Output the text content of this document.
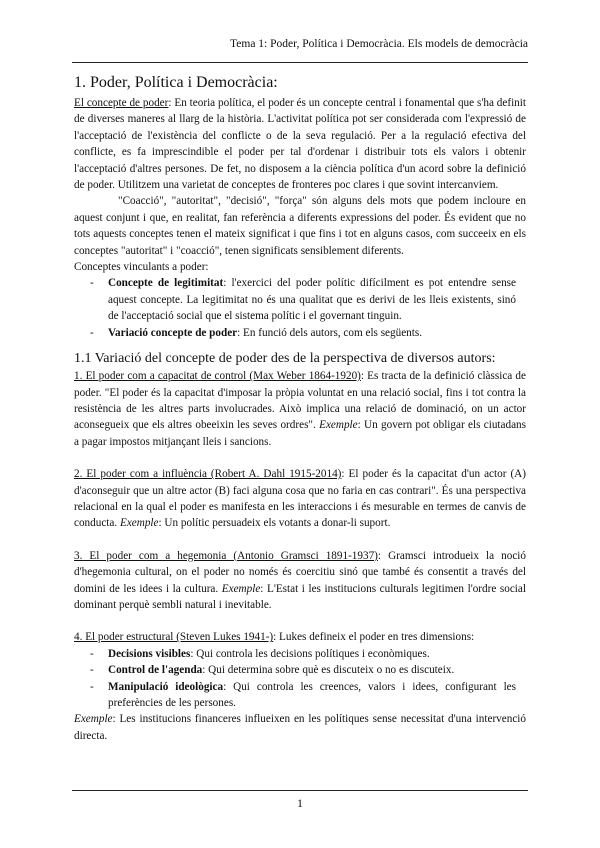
Tema 1: Poder, Política i Democràcia. Els models de democràcia
1. Poder, Política i Democràcia:

El concepte de poder: En teoria política, el poder és un concepte central i fonamental que s'ha definit de diverses maneres al llarg de la història. L'activitat política pot ser considerada com l'expressió de l'acceptació de l'existència del conflicte o de la seva regulació. Per a la regulació efectiva del conflicte, es fa imprescindible el poder per tal d'ordenar i distribuir tots els valors i obtenir l'acceptació d'altres persones. De fet, no disposem a la ciència política d'un acord sobre la definició de poder. Utilitzem una varietat de conceptes de fronteres poc clares i que sovint intercanviem.

"Coacció", "autoritat", "decisió", "força" són alguns dels mots que podem incloure en aquest conjunt i que, en realitat, fan referència a diferents expressions del poder. És evident que no tots aquests conceptes tenen el mateix significat i que fins i tot en alguns casos, com succeeix en els conceptes "autoritat" i "coacció", tenen significats sensiblement diferents.

Conceptes vinculants a poder:

- Concepte de legitimitat: l'exercici del poder polític difícilment es pot entendre sense aquest concepte. La legitimitat no és una qualitat que es derivi de les lleis existents, sinó de l'acceptació social que el sistema polític i el governant tinguin.
- Variació concepte de poder: En funció dels autors, com els següents.
1.1 Variació del concepte de poder des de la perspectiva de diversos autors:

1. El poder com a capacitat de control (Max Weber 1864-1920): Es tracta de la definició clàssica de poder. "El poder és la capacitat d'imposar la pròpia voluntat en una relació social, fins i tot contra la resistència de les altres parts involucrades. Això implica una relació de dominació, on un actor aconsegueix que els altres obeeixin les seves ordres". Exemple: Un govern pot obligar els ciutadans a pagar impostos mitjançant lleis i sancions.

2. El poder com a influència (Robert A. Dahl 1915-2014): El poder és la capacitat d'un actor (A) d'aconseguir que un altre actor (B) faci alguna cosa que no faria en cas contrari". És una perspectiva relacional en la qual el poder es manifesta en les interaccions i és mesurable en termes de canvis de conducta. Exemple: Un polític persuadeix els votants a donar-li suport.

3. El poder com a hegemonia (Antonio Gramsci 1891-1937): Gramsci introdueix la noció d'hegemonia cultural, on el poder no només és coercitiu sinó que també és consentit a través del domini de les idees i la cultura. Exemple: L'Estat i les institucions culturals legitimen l'ordre social dominant perquè sembli natural i inevitable.

4. El poder estructural (Steven Lukes 1941-): Lukes defineix el poder en tres dimensions:

- Decisions visibles: Qui controla les decisions polítiques i econòmiques.
- Control de l'agenda: Qui determina sobre què es discuteix o no es discuteix.
- Manipulació ideològica: Qui controla les creences, valors i idees, configurant les preferències de les persones.

Exemple: Les institucions financeres influeixen en les polítiques sense necessitat d'una intervenció directa.

1
